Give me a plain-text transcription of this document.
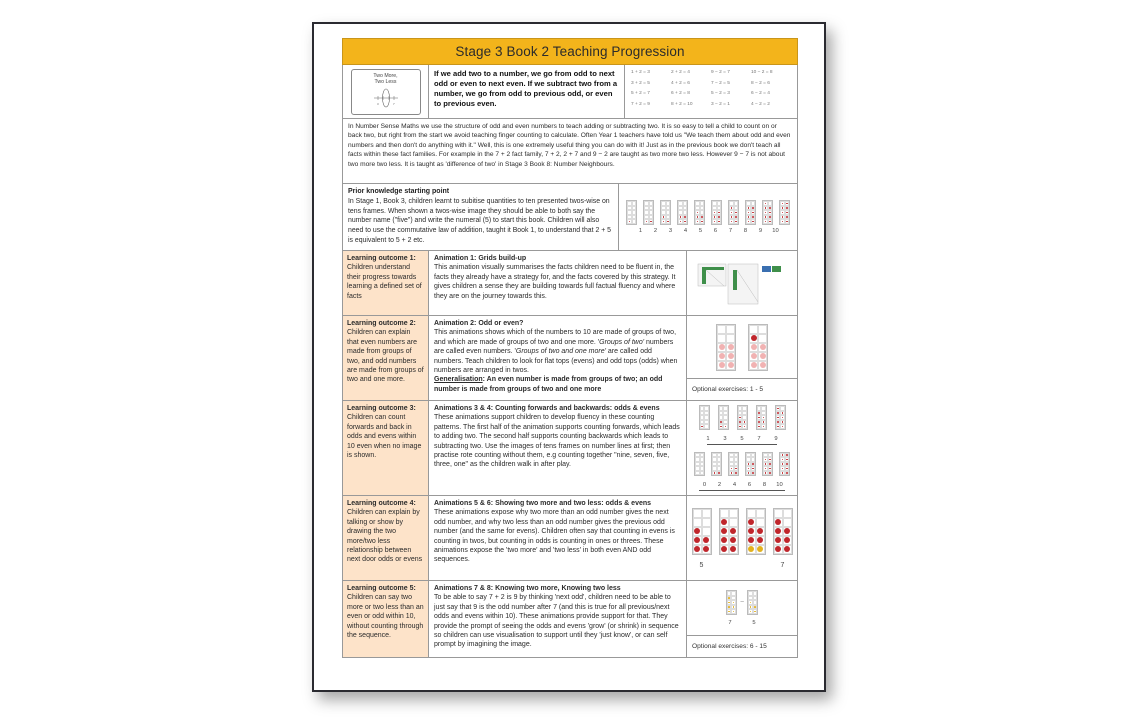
Stage 3 Book 2 Teaching Progression
Two More,
Two Less
3	7
If we add two to a number, we go from odd to next odd or even to next even. If we subtract two from a number, we go from odd to previous odd, or even to previous even.
1 + 2 = 3	2 + 2 = 4	9 − 2 = 7	10 − 2 = 8
3 + 2 = 5	4 + 2 = 6	7 − 2 = 5	8 − 2 = 6
5 + 2 = 7	6 + 2 = 8	5 − 2 = 3	6 − 2 = 4
7 + 2 = 9	8 + 2 = 10	3 − 2 = 1	4 − 2 = 2
In Number Sense Maths we use the structure of odd and even numbers to teach adding or subtracting two. It is so easy to tell a child to count on or back two, but right from the start we avoid teaching finger counting to calculate. Often Year 1 teachers have told us "We teach them about odd and even numbers and then don't do anything with it." Well, this is one extremely useful thing you can do with it! Just as in the previous book we don't teach all facts within these fact families. For example in the 7 + 2 fact family, 7 + 2, 2 + 7 and 9 − 2 are taught as two more two less. However 9 − 7 is not about two more two less. It is taught as 'difference of two' in Stage 3 Book 8: Number Neighbours.
Prior knowledge starting point
In Stage 1, Book 3, children learnt to subitise quantities to ten presented twos-wise on tens frames. When shown a twos-wise image they should be able to both say the number name ("five") and write the numeral (5) to start this book. Children will also need to use the commutative law of addition, taught it Book 1, to understand that 2 + 5 is equivalent to 5 + 2 etc.
1	2	3	4	5	6	7	8	9	10
Learning outcome 1:
Children understand their progress towards learning a defined set of facts
Animation 1: Grids build-up
This animation visually summarises the facts children need to be fluent in, the facts they already have a strategy for, and the facts covered by this strategy. It gives children a sense they are building towards full factual fluency and where they are on the journey towards this.
Learning outcome 2:
Children can explain that even numbers are made from groups of two, and odd numbers are made from groups of two and one more.
Animation 2: Odd or even?
This animations shows which of the numbers to 10 are made of groups of two, and which are made of groups of two and one more. 'Groups of two' numbers are called even numbers. 'Groups of two and one more' are called odd numbers. Teach children to look for flat tops (evens) and odd tops (odds) when numbers are arranged in twos.
Generalisation: An even number is made from groups of two; an odd number is made from groups of two and one more	Optional exercises: 1 - 5
Learning outcome 3:
Children can count forwards and back in odds and evens within 10 even when no image is shown.
Animations 3 & 4: Counting forwards and backwards: odds & evens
These animations support children to develop fluency in these counting patterns. The first half of the animation supports counting forwards, which leads to adding two. The second half supports counting backwards which leads to subtracting two. Use the images of tens frames on number lines at first; then practise rote counting without them, e.g counting together "nine, seven, five, three, one" as the children walk in after play.
1	3	5	7	9
0	2	4	6	8	10
Learning outcome 4:
Children can explain by talking or show by drawing the two more/two less relationship between next door odds or evens
Animations 5 & 6: Showing two more and two less: odds & evens
These animations expose why two more than an odd number gives the next odd number, and why two less than an odd number gives the previous odd number (and the same for evens). Children often say that counting in evens is counting in twos, but counting in odds is counting in ones or threes. These animations expose the 'two more' and 'two less' in both even AND odd sequences.
5	7
Learning outcome 5:
Children can say two more or two less than an even or odd within 10, without counting through the sequence.
Animations 7 & 8: Knowing two more, Knowing two less
To be able to say 7 + 2 is 9 by thinking 'next odd', children need to be able to just say that 9 is the odd number after 7 (and this is true for all previous/next odds and evens within 10). These animations provide support for that. They provide the prompt of seeing the odds and evens 'grow' (or shrink) in sequence so children can use visualisation to support until they 'just know', or can self prompt by imagining the image.
−
7	5
Optional exercises: 6 - 15
